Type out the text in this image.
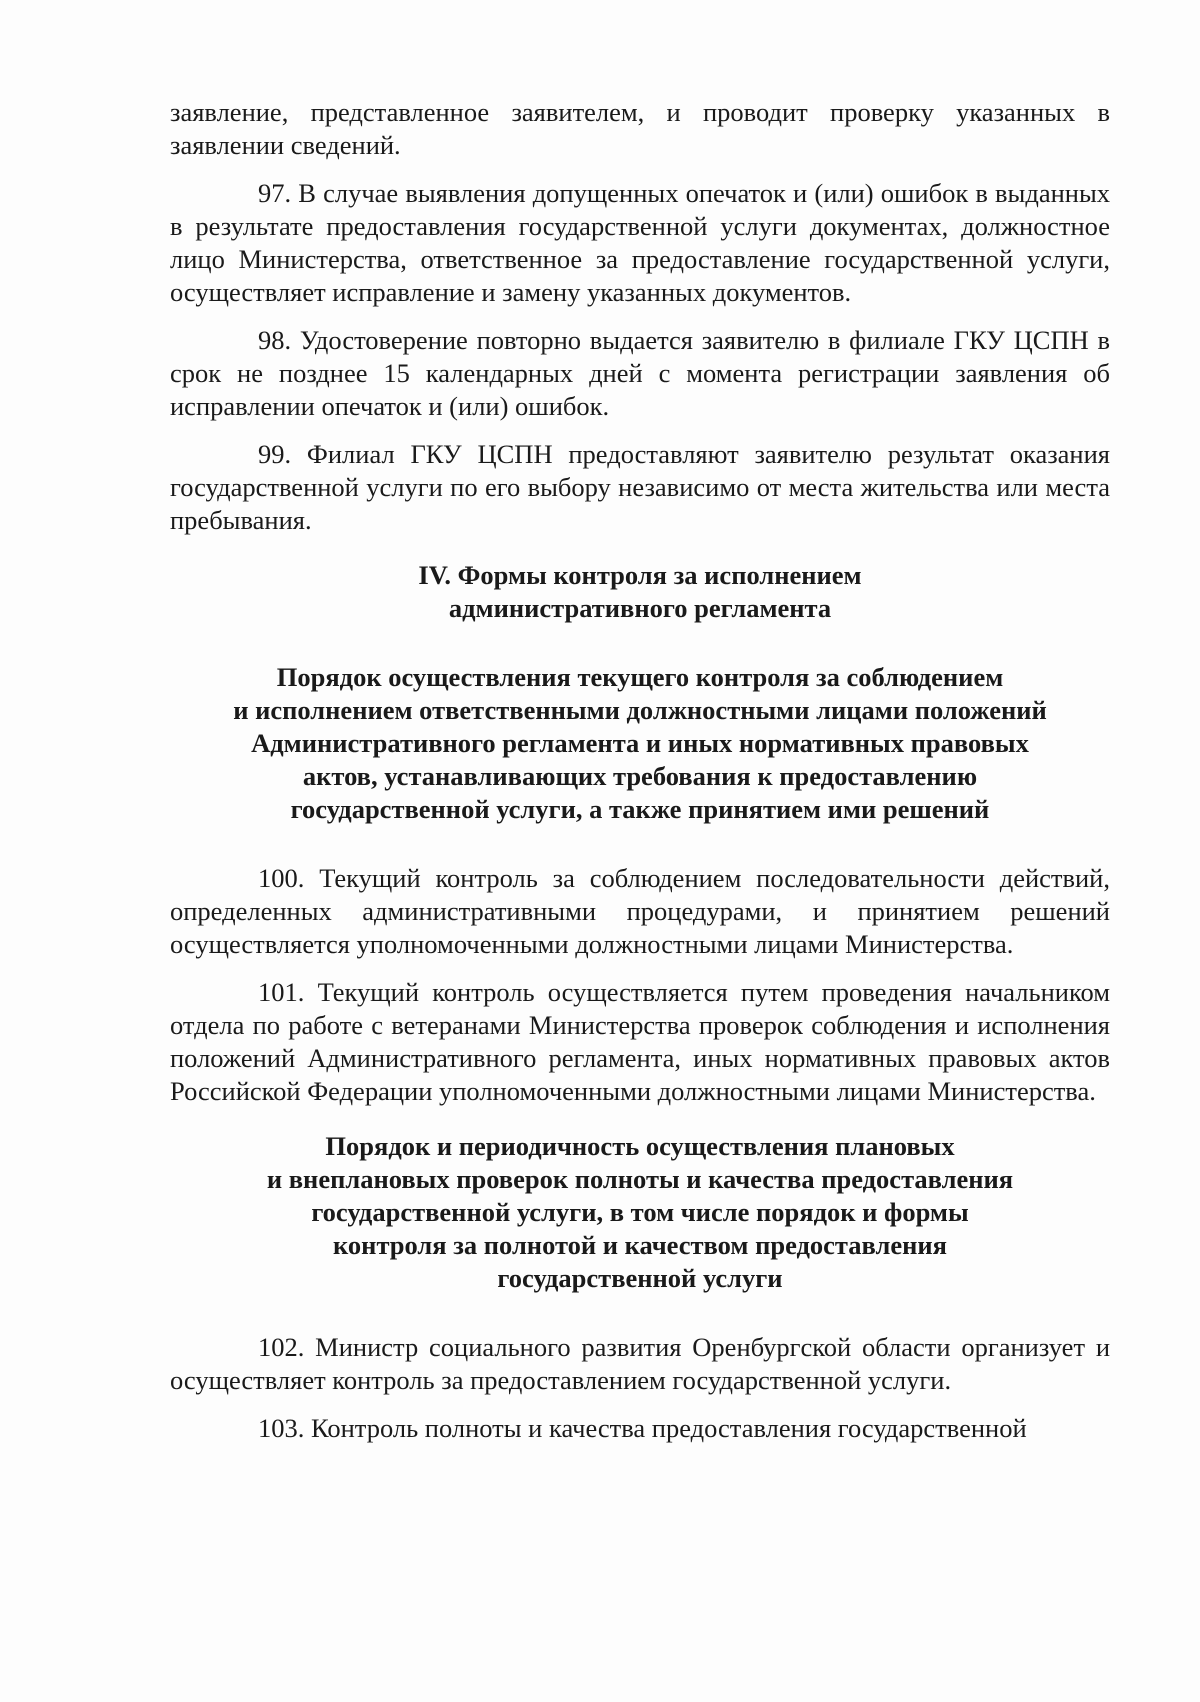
заявление, представленное заявителем, и проводит проверку указанных в заявлении сведений.

97. В случае выявления допущенных опечаток и (или) ошибок в выданных в результате предоставления государственной услуги документах, должностное лицо Министерства, ответственное за предоставление государственной услуги, осуществляет исправление и замену указанных документов.

98. Удостоверение повторно выдается заявителю в филиале ГКУ ЦСПН в срок не позднее 15 календарных дней с момента регистрации заявления об исправлении опечаток и (или) ошибок.

99. Филиал ГКУ ЦСПН предоставляют заявителю результат оказания государственной услуги по его выбору независимо от места жительства или места пребывания.

IV. Формы контроля за исполнением
административного регламента
Порядок осуществления текущего контроля за соблюдением
и исполнением ответственными должностными лицами положений
Административного регламента и иных нормативных правовых
актов, устанавливающих требования к предоставлению
государственной услуги, а также принятием ими решений

100. Текущий контроль за соблюдением последовательности действий, определенных административными процедурами, и принятием решений осуществляется уполномоченными должностными лицами Министерства.

101. Текущий контроль осуществляется путем проведения начальником отдела по работе с ветеранами Министерства проверок соблюдения и исполнения положений Административного регламента, иных нормативных правовых актов Российской Федерации уполномоченными должностными лицами Министерства.

Порядок и периодичность осуществления плановых
и внеплановых проверок полноты и качества предоставления
государственной услуги, в том числе порядок и формы
контроля за полнотой и качеством предоставления
государственной услуги

102. Министр социального развития Оренбургской области организует и осуществляет контроль за предоставлением государственной услуги.

103. Контроль полноты и качества предоставления государственной
